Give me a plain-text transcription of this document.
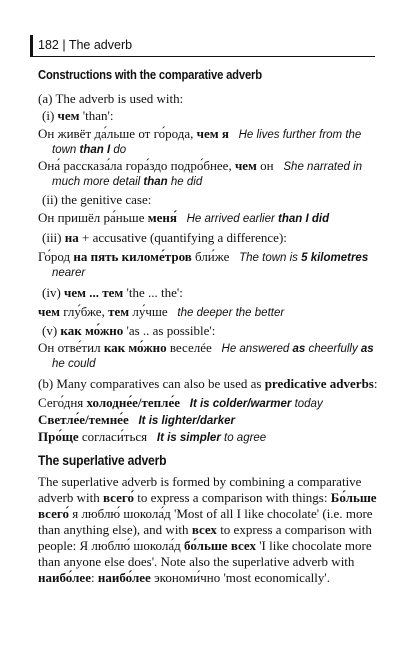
182 | The adverb
Constructions with the comparative adverb
(a) The adverb is used with:
(i) чем 'than':
Он живёт да́льше от го́рода, чем я He lives further from the
town than I do
Она́ рассказа́ла гора́здо подро́бнее, чем он She narrated in
much more detail than he did
(ii) the genitive case:
Он пришёл ра́ньше меня́ He arrived earlier than I did
(iii) на + accusative (quantifying a difference):
Го́род на пять киломе́тров бли́же The town is 5 kilometres
nearer
(iv) чем ... тем 'the ... the':
чем глу́бже, тем лу́чше the deeper the better
(v) как мо́жно 'as .. as possible':
Он отве́тил как мо́жно веселée He answered as cheerfully as
he could
(b) Many comparatives can also be used as predicative adverbs:
Сего́дня холодне́е/тепле́е It is colder/warmer today
Светле́е/темне́е It is lighter/darker
Про́ще согласи́ться It is simpler to agree
The superlative adverb
The superlative adverb is formed by combining a comparative
adverb with всего́ to express a comparison with things: Бо́льше
всего́ я люблю́ шокола́д 'Most of all I like chocolate' (i.e. more
than anything else), and with всех to express a comparison with
people: Я люблю́ шокола́д бо́льше всех 'I like chocolate more
than anyone else does'. Note also the superlative adverb with
наибо́лее: наибо́лее экономи́чно 'most economically'.
